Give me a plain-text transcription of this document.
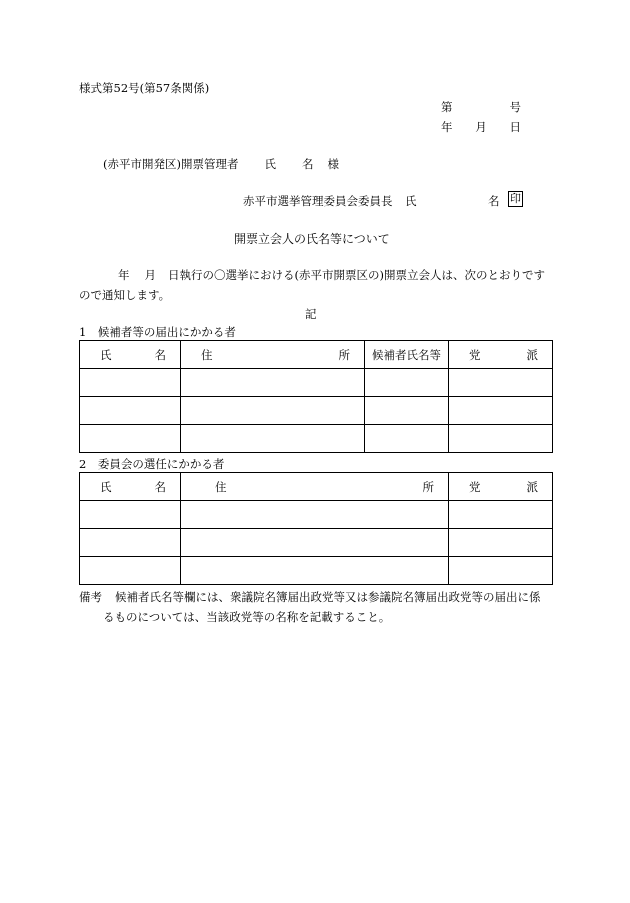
様式第52号(第57条関係)
第	号
年 月 日
(赤平市開発区)開票管理者 氏 名 様
赤平市選挙管理委員会委員長 氏	名 印
開票立会人の氏名等について
年 月 日執行の〇選挙における(赤平市開票区の)開票立会人は、次のとおりです
ので通知します。
記
1　候補者等の届出にかかる者
氏 名	住 所	候補者氏名等	党 派

2　委員会の選任にかかる者
氏 名	住 所	党 派

備考 候補者氏名等欄には、衆議院名簿届出政党等又は参議院名簿届出政党等の届出に係
るものについては、当該政党等の名称を記載すること。
